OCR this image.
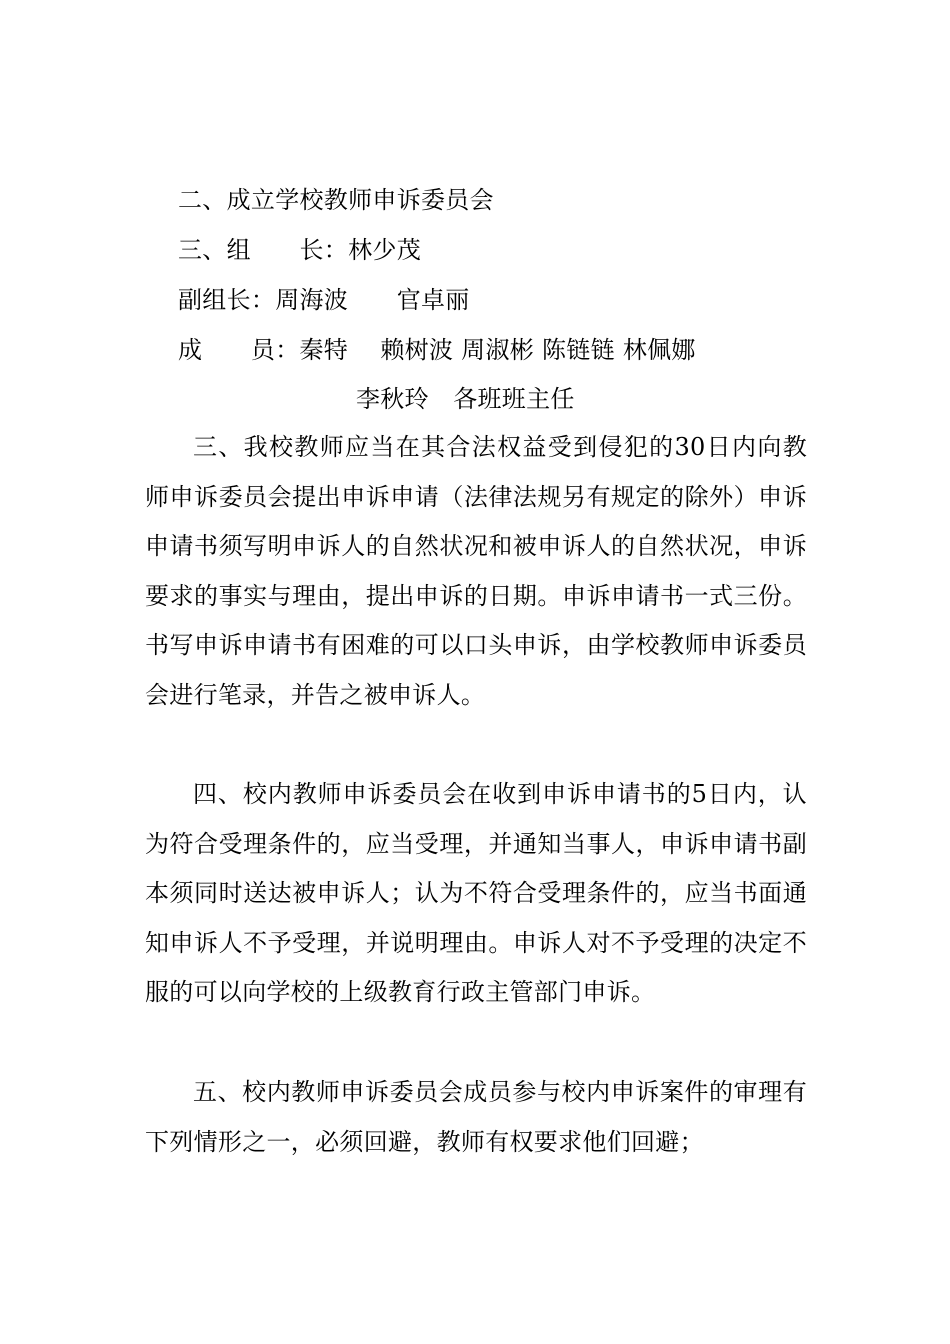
二、成立学校教师申诉委员会
三、组　　长：林少茂
副组长：周海波　　官卓丽
成　　员：秦特　 赖树波 周淑彬 陈链链 林佩娜
李秋玲　各班班主任
三、我校教师应当在其合法权益受到侵犯的30日内向教师申诉委员会提出申诉申请（法律法规另有规定的除外）申诉申请书须写明申诉人的自然状况和被申诉人的自然状况，申诉要求的事实与理由，提出申诉的日期。申诉申请书一式三份。书写申诉申请书有困难的可以口头申诉，由学校教师申诉委员会进行笔录，并告之被申诉人。
四、校内教师申诉委员会在收到申诉申请书的5日内，认为符合受理条件的，应当受理，并通知当事人，申诉申请书副本须同时送达被申诉人；认为不符合受理条件的，应当书面通知申诉人不予受理，并说明理由。申诉人对不予受理的决定不服的可以向学校的上级教育行政主管部门申诉。
五、校内教师申诉委员会成员参与校内申诉案件的审理有下列情形之一，必须回避，教师有权要求他们回避；
